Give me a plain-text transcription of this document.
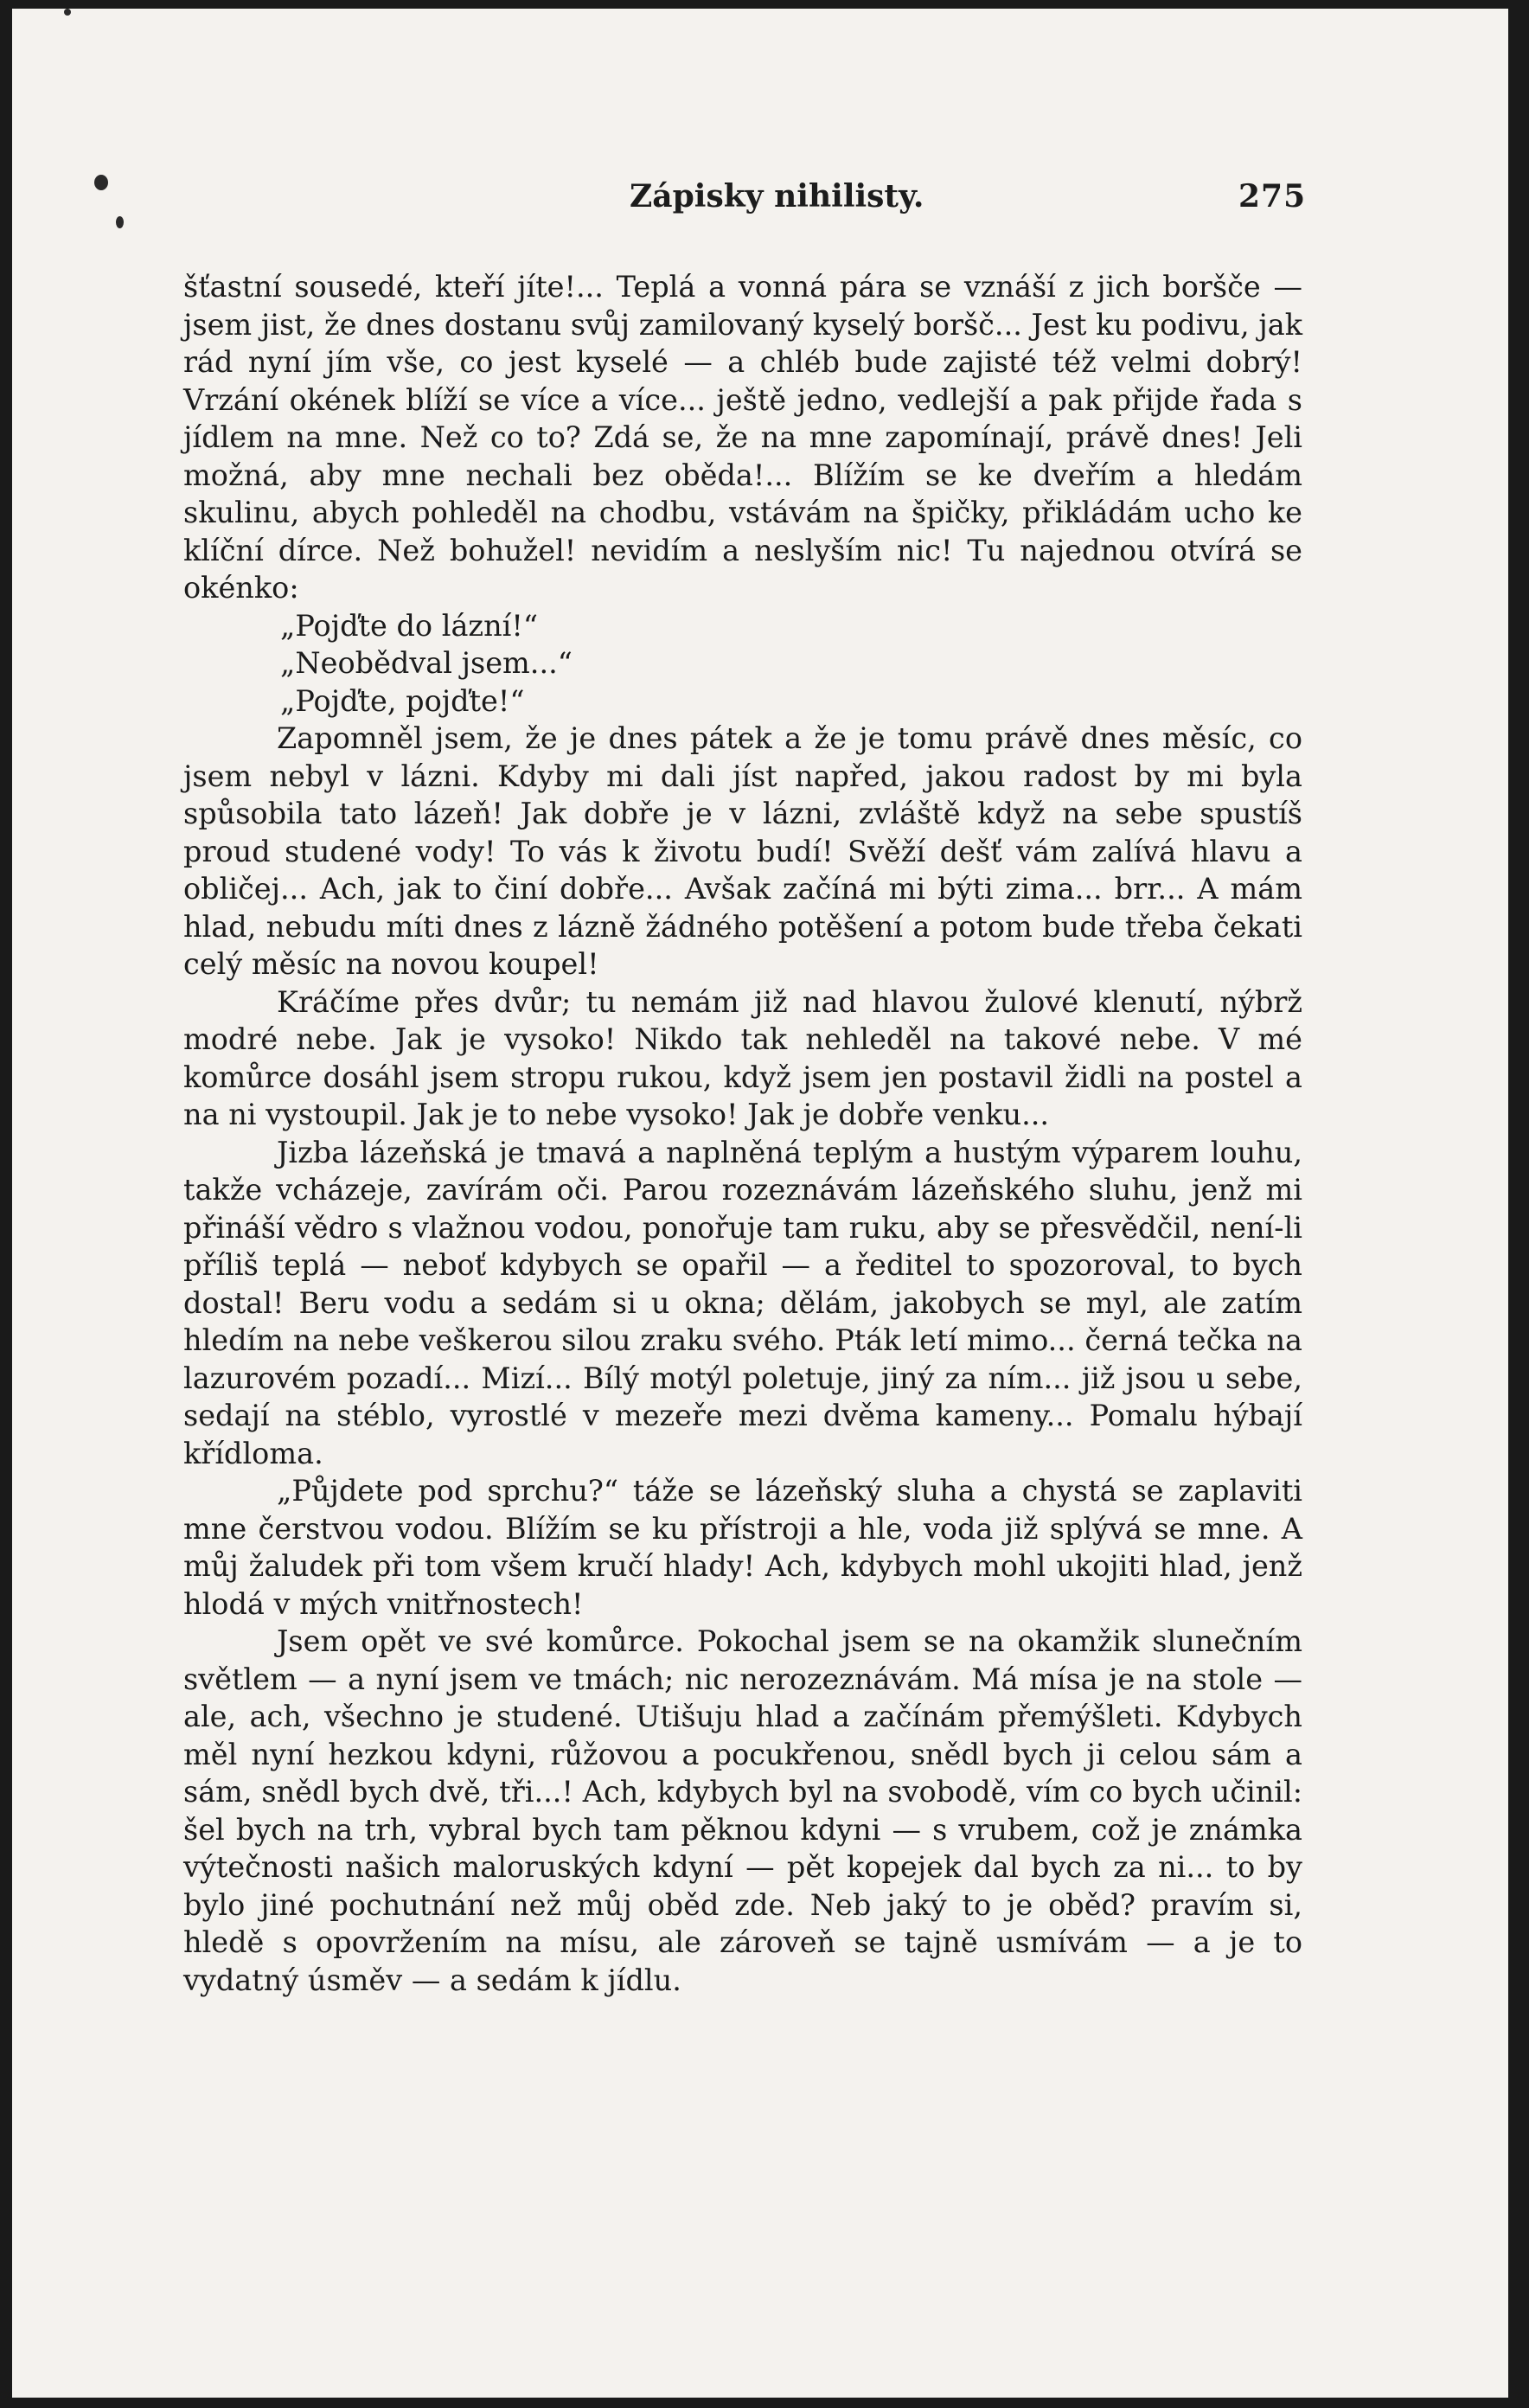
Zápisky nihilisty.	275

šťastní sousedé, kteří jíte!... Teplá a vonná pára se vznáší z jich boršče — jsem jist, že dnes dostanu svůj zamilovaný kyselý boršč... Jest ku podivu, jak rád nyní jím vše, co jest kyselé — a chléb bude zajisté též velmi dobrý! Vrzání okének blíží se více a více... ještě jedno, vedlejší a pak přijde řada s jídlem na mne. Než co to? Zdá se, že na mne zapomínají, právě dnes! Jeli možná, aby mne nechali bez oběda!... Blížím se ke dveřím a hledám skulinu, abych pohleděl na chodbu, vstávám na špičky, přikládám ucho ke klíční dírce. Než bohužel! nevidím a neslyším nic! Tu najednou otvírá se okénko:

„Pojďte do lázní!“

„Neobědval jsem...“

„Pojďte, pojďte!“

Zapomněl jsem, že je dnes pátek a že je tomu právě dnes měsíc, co jsem nebyl v lázni. Kdyby mi dali jíst napřed, jakou radost by mi byla spůsobila tato lázeň! Jak dobře je v lázni, zvláště když na sebe spustíš proud studené vody! To vás k životu budí! Svěží dešť vám zalívá hlavu a obličej... Ach, jak to činí dobře... Avšak začíná mi býti zima... brr... A mám hlad, nebudu míti dnes z lázně žádného potěšení a potom bude třeba čekati celý měsíc na novou koupel!

Kráčíme přes dvůr; tu nemám již nad hlavou žulové klenutí, nýbrž modré nebe. Jak je vysoko! Nikdo tak nehleděl na takové nebe. V mé komůrce dosáhl jsem stropu rukou, když jsem jen postavil židli na postel a na ni vystoupil. Jak je to nebe vysoko! Jak je dobře venku...

Jizba lázeňská je tmavá a naplněná teplým a hustým výparem louhu, takže vcházeje, zavírám oči. Parou rozeznávám lázeňského sluhu, jenž mi přináší vědro s vlažnou vodou, ponořuje tam ruku, aby se přesvědčil, není-li příliš teplá — neboť kdybych se opařil — a ředitel to spozoroval, to bych dostal! Beru vodu a sedám si u okna; dělám, jakobych se myl, ale zatím hledím na nebe veškerou silou zraku svého. Pták letí mimo... černá tečka na lazurovém pozadí... Mizí... Bílý motýl poletuje, jiný za ním... již jsou u sebe, sedají na stéblo, vyrostlé v mezeře mezi dvěma kameny... Pomalu hýbají křídloma.

„Půjdete pod sprchu?“ táže se lázeňský sluha a chystá se zaplaviti mne čerstvou vodou. Blížím se ku přístroji a hle, voda již splývá se mne. A můj žaludek při tom všem kručí hlady! Ach, kdybych mohl ukojiti hlad, jenž hlodá v mých vnitřnostech!

Jsem opět ve své komůrce. Pokochal jsem se na okamžik slunečním světlem — a nyní jsem ve tmách; nic nerozeznávám. Má mísa je na stole — ale, ach, všechno je studené. Utišuju hlad a začínám přemýšleti. Kdybych měl nyní hezkou kdyni, růžovou a pocukřenou, snědl bych ji celou sám a sám, snědl bych dvě, tři...! Ach, kdybych byl na svobodě, vím co bych učinil: šel bych na trh, vybral bych tam pěknou kdyni — s vrubem, což je známka výtečnosti našich maloruských kdyní — pět kopejek dal bych za ni... to by bylo jiné pochutnání než můj oběd zde. Neb jaký to je oběd? pravím si, hledě s opovržením na mísu, ale zároveň se tajně usmívám — a je to vydatný úsměv — a sedám k jídlu.
